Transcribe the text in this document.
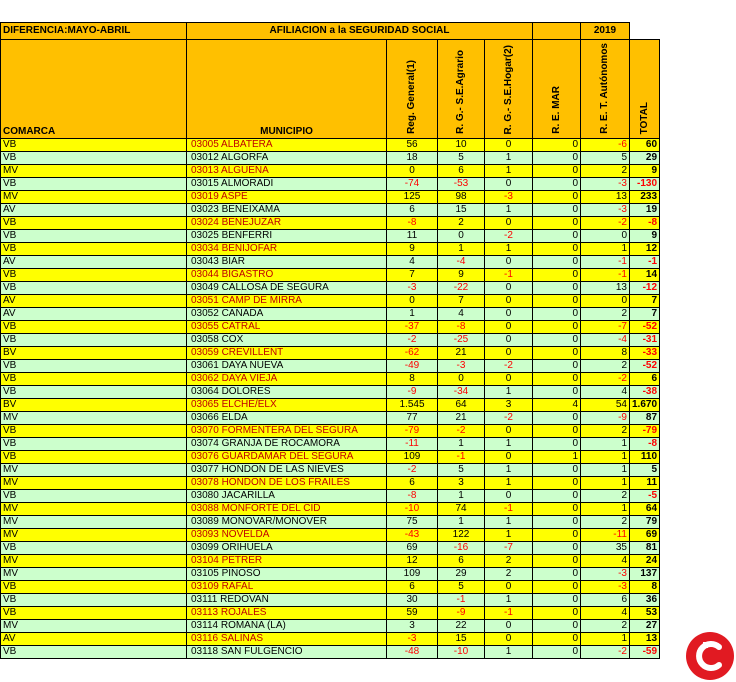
DIFERENCIA:MAYO-ABRIL	AFILIACION a la SEGURIDAD SOCIAL					2019	
COMARCA	MUNICIPIO	Reg. General(1)	R. G.- S.E.Agrario	R. G.- S.E.Hogar(2)	R. E. MAR	R. E. T. Autónomos	TOTAL
VB	03005 ALBATERA	56	10	0	0	-6	60
VB	03012 ALGORFA	18	5	1	0	5	29
MV	03013 ALGUEÑA	0	6	1	0	2	9
VB	03015 ALMORADI	-74	-53	0	0	-3	-130
MV	03019 ASPE	125	98	-3	0	13	233
AV	03023 BENEIXAMA	6	15	1	0	-3	19
VB	03024 BENEJUZAR	-8	2	0	0	-2	-8
VB	03025 BENFERRI	11	0	-2	0	0	9
VB	03034 BENIJOFAR	9	1	1	0	1	12
AV	03043 BIAR	4	-4	0	0	-1	-1
VB	03044 BIGASTRO	7	9	-1	0	-1	14
VB	03049 CALLOSA DE SEGURA	-3	-22	0	0	13	-12
AV	03051 CAMP DE MIRRA	0	7	0	0	0	7
AV	03052 CAÑADA	1	4	0	0	2	7
VB	03055 CATRAL	-37	-8	0	0	-7	-52
VB	03058 COX	-2	-25	0	0	-4	-31
BV	03059 CREVILLENT	-62	21	0	0	8	-33
VB	03061 DAYA NUEVA	-49	-3	-2	0	2	-52
VB	03062 DAYA VIEJA	8	0	0	0	-2	6
VB	03064 DOLORES	-9	-34	1	0	4	-38
BV	03065 ELCHE/ELX	1.545	64	3	4	54	1.670
MV	03066 ELDA	77	21	-2	0	-9	87
VB	03070 FORMENTERA DEL SEGURA	-79	-2	0	0	2	-79
VB	03074 GRANJA DE ROCAMORA	-11	1	1	0	1	-8
VB	03076 GUARDAMAR DEL SEGURA	109	-1	0	1	1	110
MV	03077 HONDON DE LAS NIEVES	-2	5	1	0	1	5
MV	03078 HONDON DE LOS FRAILES	6	3	1	0	1	11
VB	03080 JACARILLA	-8	1	0	0	2	-5
MV	03088 MONFORTE DEL CID	-10	74	-1	0	1	64
MV	03089 MONOVAR/MONOVER	75	1	1	0	2	79
MV	03093 NOVELDA	-43	122	1	0	-11	69
VB	03099 ORIHUELA	69	-16	-7	0	35	81
MV	03104 PETRER	12	6	2	0	4	24
MV	03105 PINOSO	109	29	2	0	-3	137
VB	03109 RAFAL	6	5	0	0	-3	8
VB	03111 REDOVAN	30	-1	1	0	6	36
VB	03113 ROJALES	59	-9	-1	0	4	53
MV	03114 ROMANA (LA)	3	22	0	0	2	27
AV	03116 SALINAS	-3	15	0	0	1	13
VB	03118 SAN FULGENCIO	-48	-10	1	0	-2	-59
